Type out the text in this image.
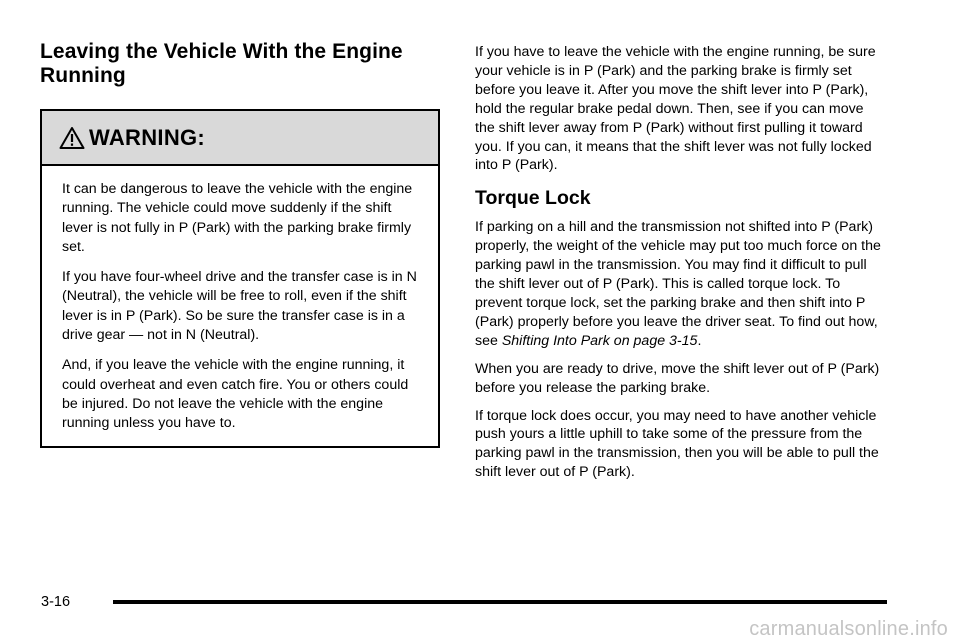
Leaving the Vehicle With the Engine Running
WARNING:

It can be dangerous to leave the vehicle with the engine running. The vehicle could move suddenly if the shift lever is not fully in P (Park) with the parking brake firmly set.

If you have four-wheel drive and the transfer case is in N (Neutral), the vehicle will be free to roll, even if the shift lever is in P (Park). So be sure the transfer case is in a drive gear — not in N (Neutral).

And, if you leave the vehicle with the engine running, it could overheat and even catch fire. You or others could be injured. Do not leave the vehicle with the engine running unless you have to.

If you have to leave the vehicle with the engine running, be sure your vehicle is in P (Park) and the parking brake is firmly set before you leave it. After you move the shift lever into P (Park), hold the regular brake pedal down. Then, see if you can move the shift lever away from P (Park) without first pulling it toward you. If you can, it means that the shift lever was not fully locked into P (Park).

Torque Lock

If parking on a hill and the transmission not shifted into P (Park) properly, the weight of the vehicle may put too much force on the parking pawl in the transmission. You may find it difficult to pull the shift lever out of P (Park). This is called torque lock. To prevent torque lock, set the parking brake and then shift into P (Park) properly before you leave the driver seat. To find out how, see Shifting Into Park on page 3-15.

When you are ready to drive, move the shift lever out of P (Park) before you release the parking brake.

If torque lock does occur, you may need to have another vehicle push yours a little uphill to take some of the pressure from the parking pawl in the transmission, then you will be able to pull the shift lever out of P (Park).

3-16
carmanualsonline.info
